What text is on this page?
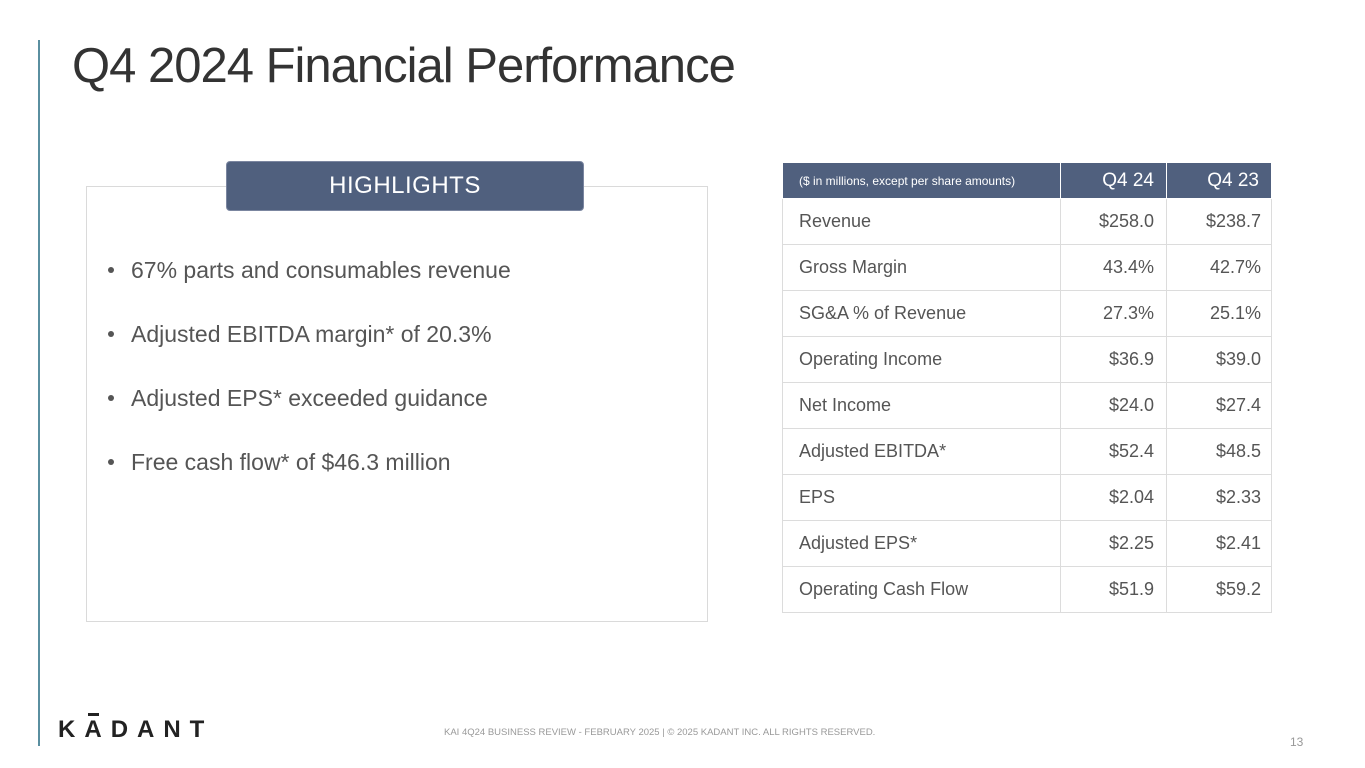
Q4 2024 Financial Performance
HIGHLIGHTS
67% parts and consumables revenue
Adjusted EBITDA margin* of 20.3%
Adjusted EPS* exceeded guidance
Free cash flow* of $46.3 million
($ in millions, except per share amounts)	Q4 24	Q4 23
Revenue	$258.0	$238.7
Gross Margin	43.4%	42.7%
SG&A % of Revenue	27.3%	25.1%
Operating Income	$36.9	$39.0
Net Income	$24.0	$27.4
Adjusted EBITDA*	$52.4	$48.5
EPS	$2.04	$2.33
Adjusted EPS*	$2.25	$2.41
Operating Cash Flow	$51.9	$59.2
KADANT	KAI 4Q24 BUSINESS REVIEW - FEBRUARY 2025 | © 2025 KADANT INC. ALL RIGHTS RESERVED.
13
